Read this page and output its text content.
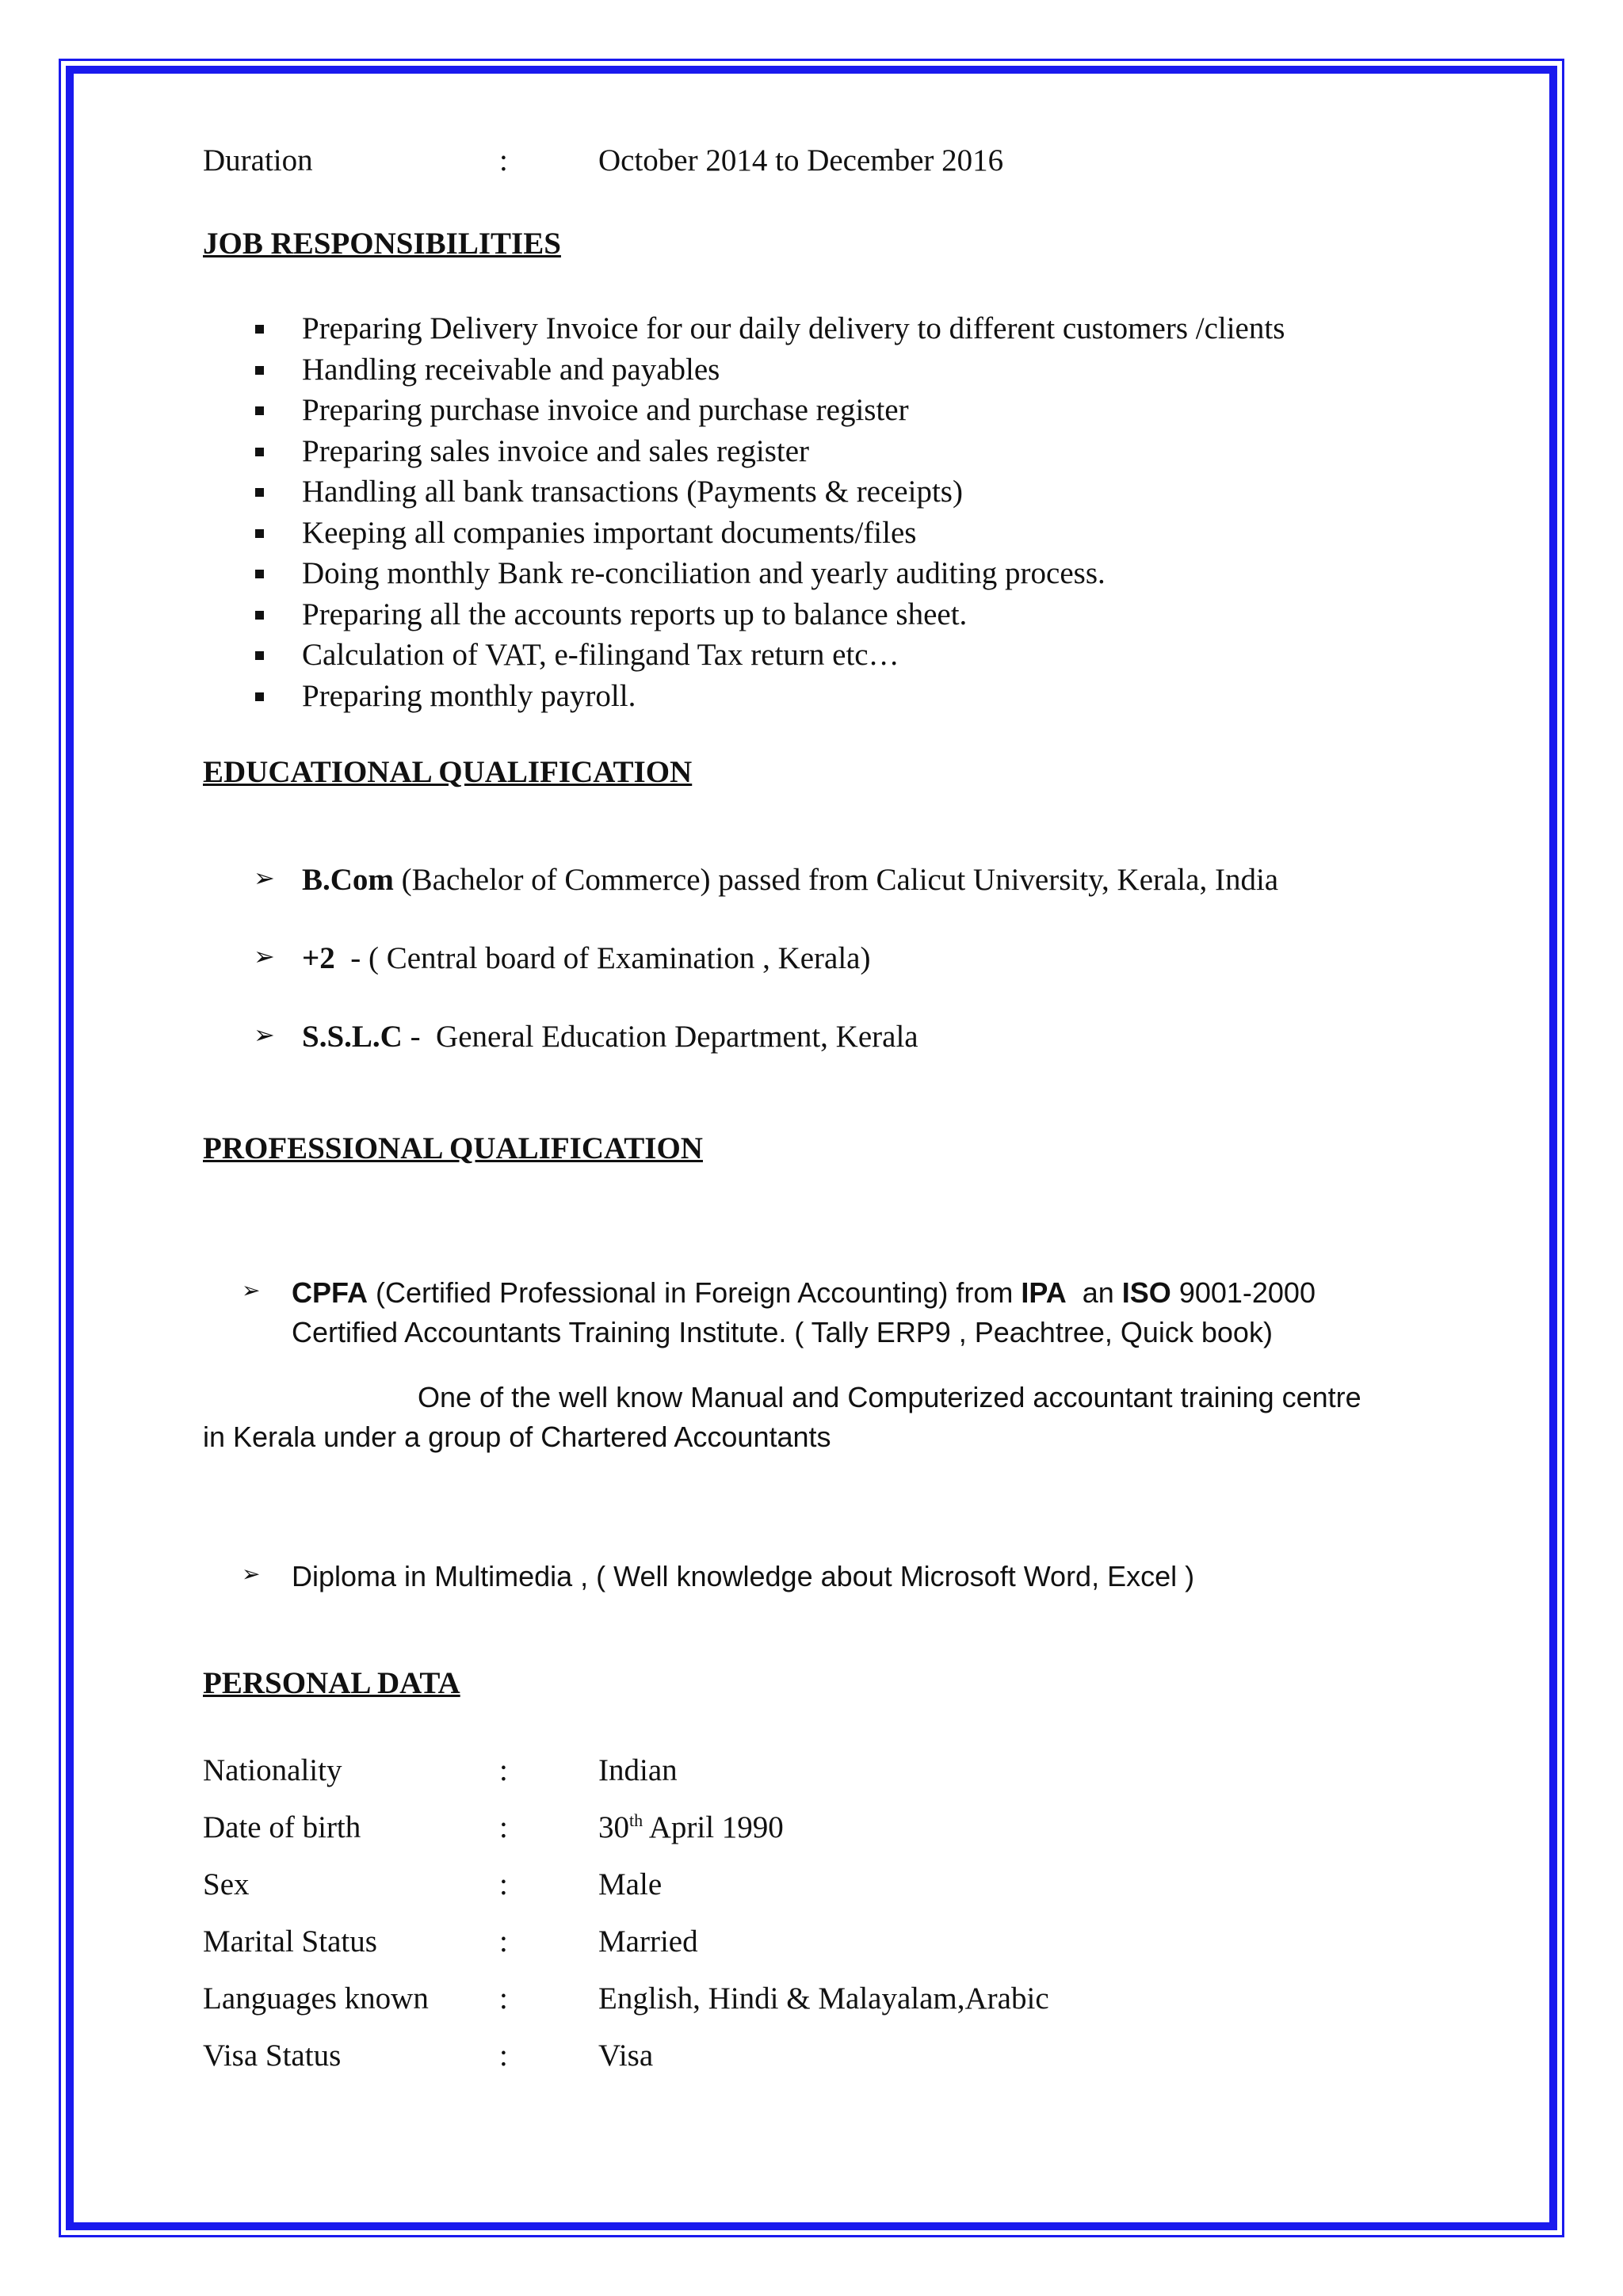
Duration	:	October 2014 to December 2016
JOB RESPONSIBILITIES
Preparing Delivery Invoice for our daily delivery to different customers /clients
Handling receivable and payables
Preparing purchase invoice and purchase register
Preparing sales invoice and sales register
Handling all bank transactions (Payments & receipts)
Keeping all companies important documents/files
Doing monthly Bank re-conciliation and yearly auditing process.
Preparing all the accounts reports up to balance sheet.
Calculation of VAT, e-filingand Tax return etc…
Preparing monthly payroll.
EDUCATIONAL QUALIFICATION
➢ B.Com (Bachelor of Commerce) passed from Calicut University, Kerala, India
➢ +2  - ( Central board of Examination , Kerala)
➢ S.S.L.C -  General Education Department, Kerala
PROFESSIONAL QUALIFICATION
➢ CPFA (Certified Professional in Foreign Accounting) from IPA  an ISO 9001-2000
Certified Accountants Training Institute. ( Tally ERP9 , Peachtree, Quick book)
One of the well know Manual and Computerized accountant training centre
in Kerala under a group of Chartered Accountants
➢ Diploma in Multimedia , ( Well knowledge about Microsoft Word, Excel )
PERSONAL DATA
Nationality	:	Indian
Date of birth	:	30th April 1990
Sex	:	Male
Marital Status	:	Married
Languages known :	English, Hindi & Malayalam,Arabic
Visa Status	:	Visa
